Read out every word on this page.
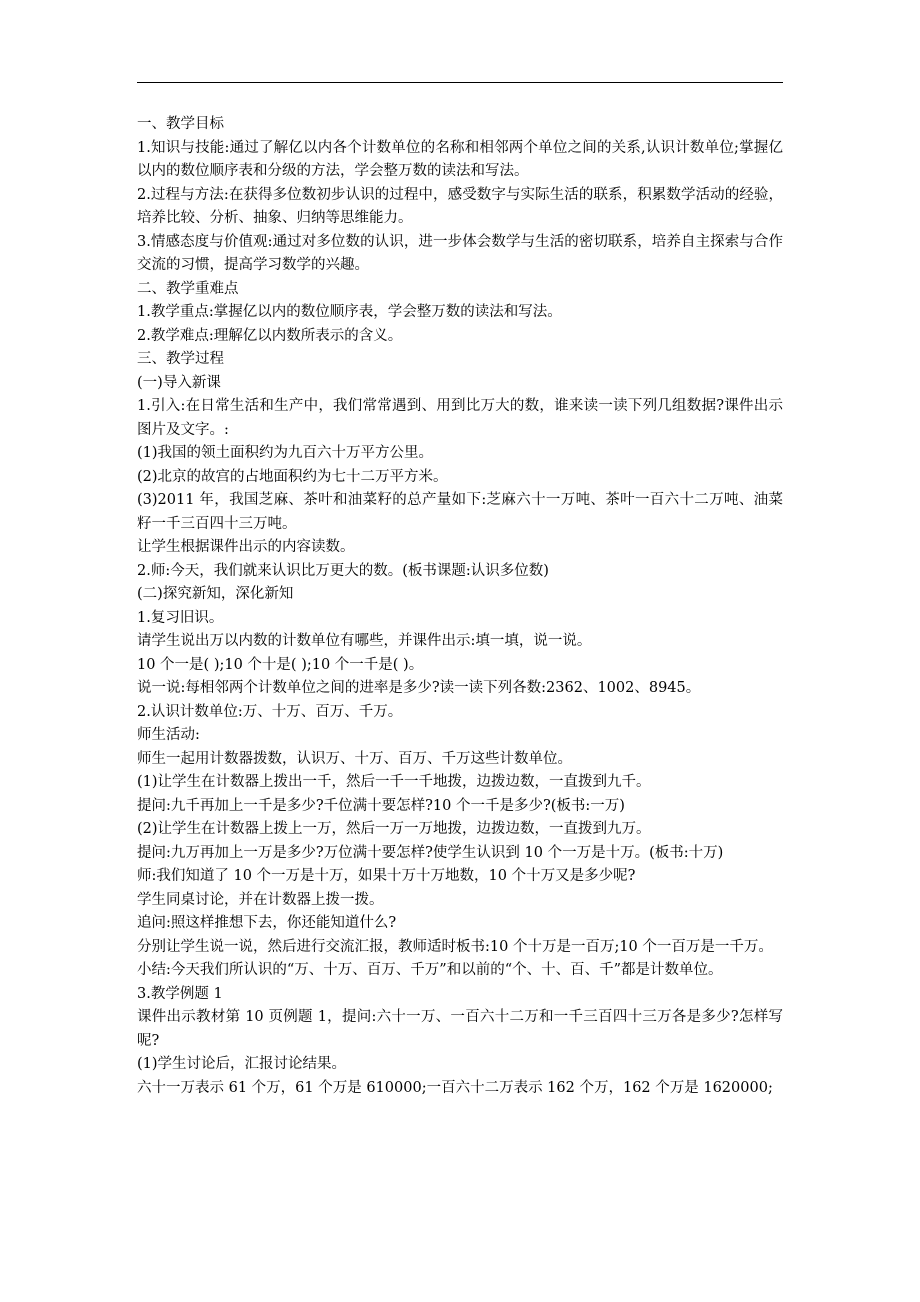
一、教学目标

1.知识与技能:通过了解亿以内各个计数单位的名称和相邻两个单位之间的关系,认识计数单位;掌握亿以内的数位顺序表和分级的方法，学会整万数的读法和写法。

2.过程与方法:在获得多位数初步认识的过程中，感受数字与实际生活的联系，积累数学活动的经验，培养比较、分析、抽象、归纳等思维能力。

3.情感态度与价值观:通过对多位数的认识，进一步体会数学与生活的密切联系，培养自主探索与合作交流的习惯，提高学习数学的兴趣。

二、教学重难点

1.教学重点:掌握亿以内的数位顺序表，学会整万数的读法和写法。

2.教学难点:理解亿以内数所表示的含义。

三、教学过程

(一)导入新课

1.引入:在日常生活和生产中，我们常常遇到、用到比万大的数，谁来读一读下列几组数据?课件出示图片及文字。:

(1)我国的领土面积约为九百六十万平方公里。

(2)北京的故宫的占地面积约为七十二万平方米。

(3)2011 年，我国芝麻、茶叶和油菜籽的总产量如下:芝麻六十一万吨、茶叶一百六十二万吨、油菜籽一千三百四十三万吨。

让学生根据课件出示的内容读数。

2.师:今天，我们就来认识比万更大的数。(板书课题:认识多位数)

(二)探究新知，深化新知

1.复习旧识。

请学生说出万以内数的计数单位有哪些，并课件出示:填一填，说一说。

10 个一是( );10 个十是( );10 个一千是( )。

说一说:每相邻两个计数单位之间的进率是多少?读一读下列各数:2362、1002、8945。

2.认识计数单位:万、十万、百万、千万。

师生活动:

师生一起用计数器拨数，认识万、十万、百万、千万这些计数单位。

(1)让学生在计数器上拨出一千，然后一千一千地拨，边拨边数，一直拨到九千。

提问:九千再加上一千是多少?千位满十要怎样?10 个一千是多少?(板书:一万)

(2)让学生在计数器上拨上一万，然后一万一万地拨，边拨边数，一直拨到九万。

提问:九万再加上一万是多少?万位满十要怎样?使学生认识到 10 个一万是十万。(板书:十万)

师:我们知道了 10 个一万是十万，如果十万十万地数，10 个十万又是多少呢?

学生同桌讨论，并在计数器上拨一拨。

追问:照这样推想下去，你还能知道什么?

分别让学生说一说，然后进行交流汇报，教师适时板书:10 个十万是一百万;10 个一百万是一千万。

小结:今天我们所认识的“万、十万、百万、千万”和以前的“个、十、百、千”都是计数单位。

3.教学例题 1

课件出示教材第 10 页例题 1，提问:六十一万、一百六十二万和一千三百四十三万各是多少?怎样写呢?

(1)学生讨论后，汇报讨论结果。

六十一万表示 61 个万，61 个万是 610000;一百六十二万表示 162 个万，162 个万是 1620000;
